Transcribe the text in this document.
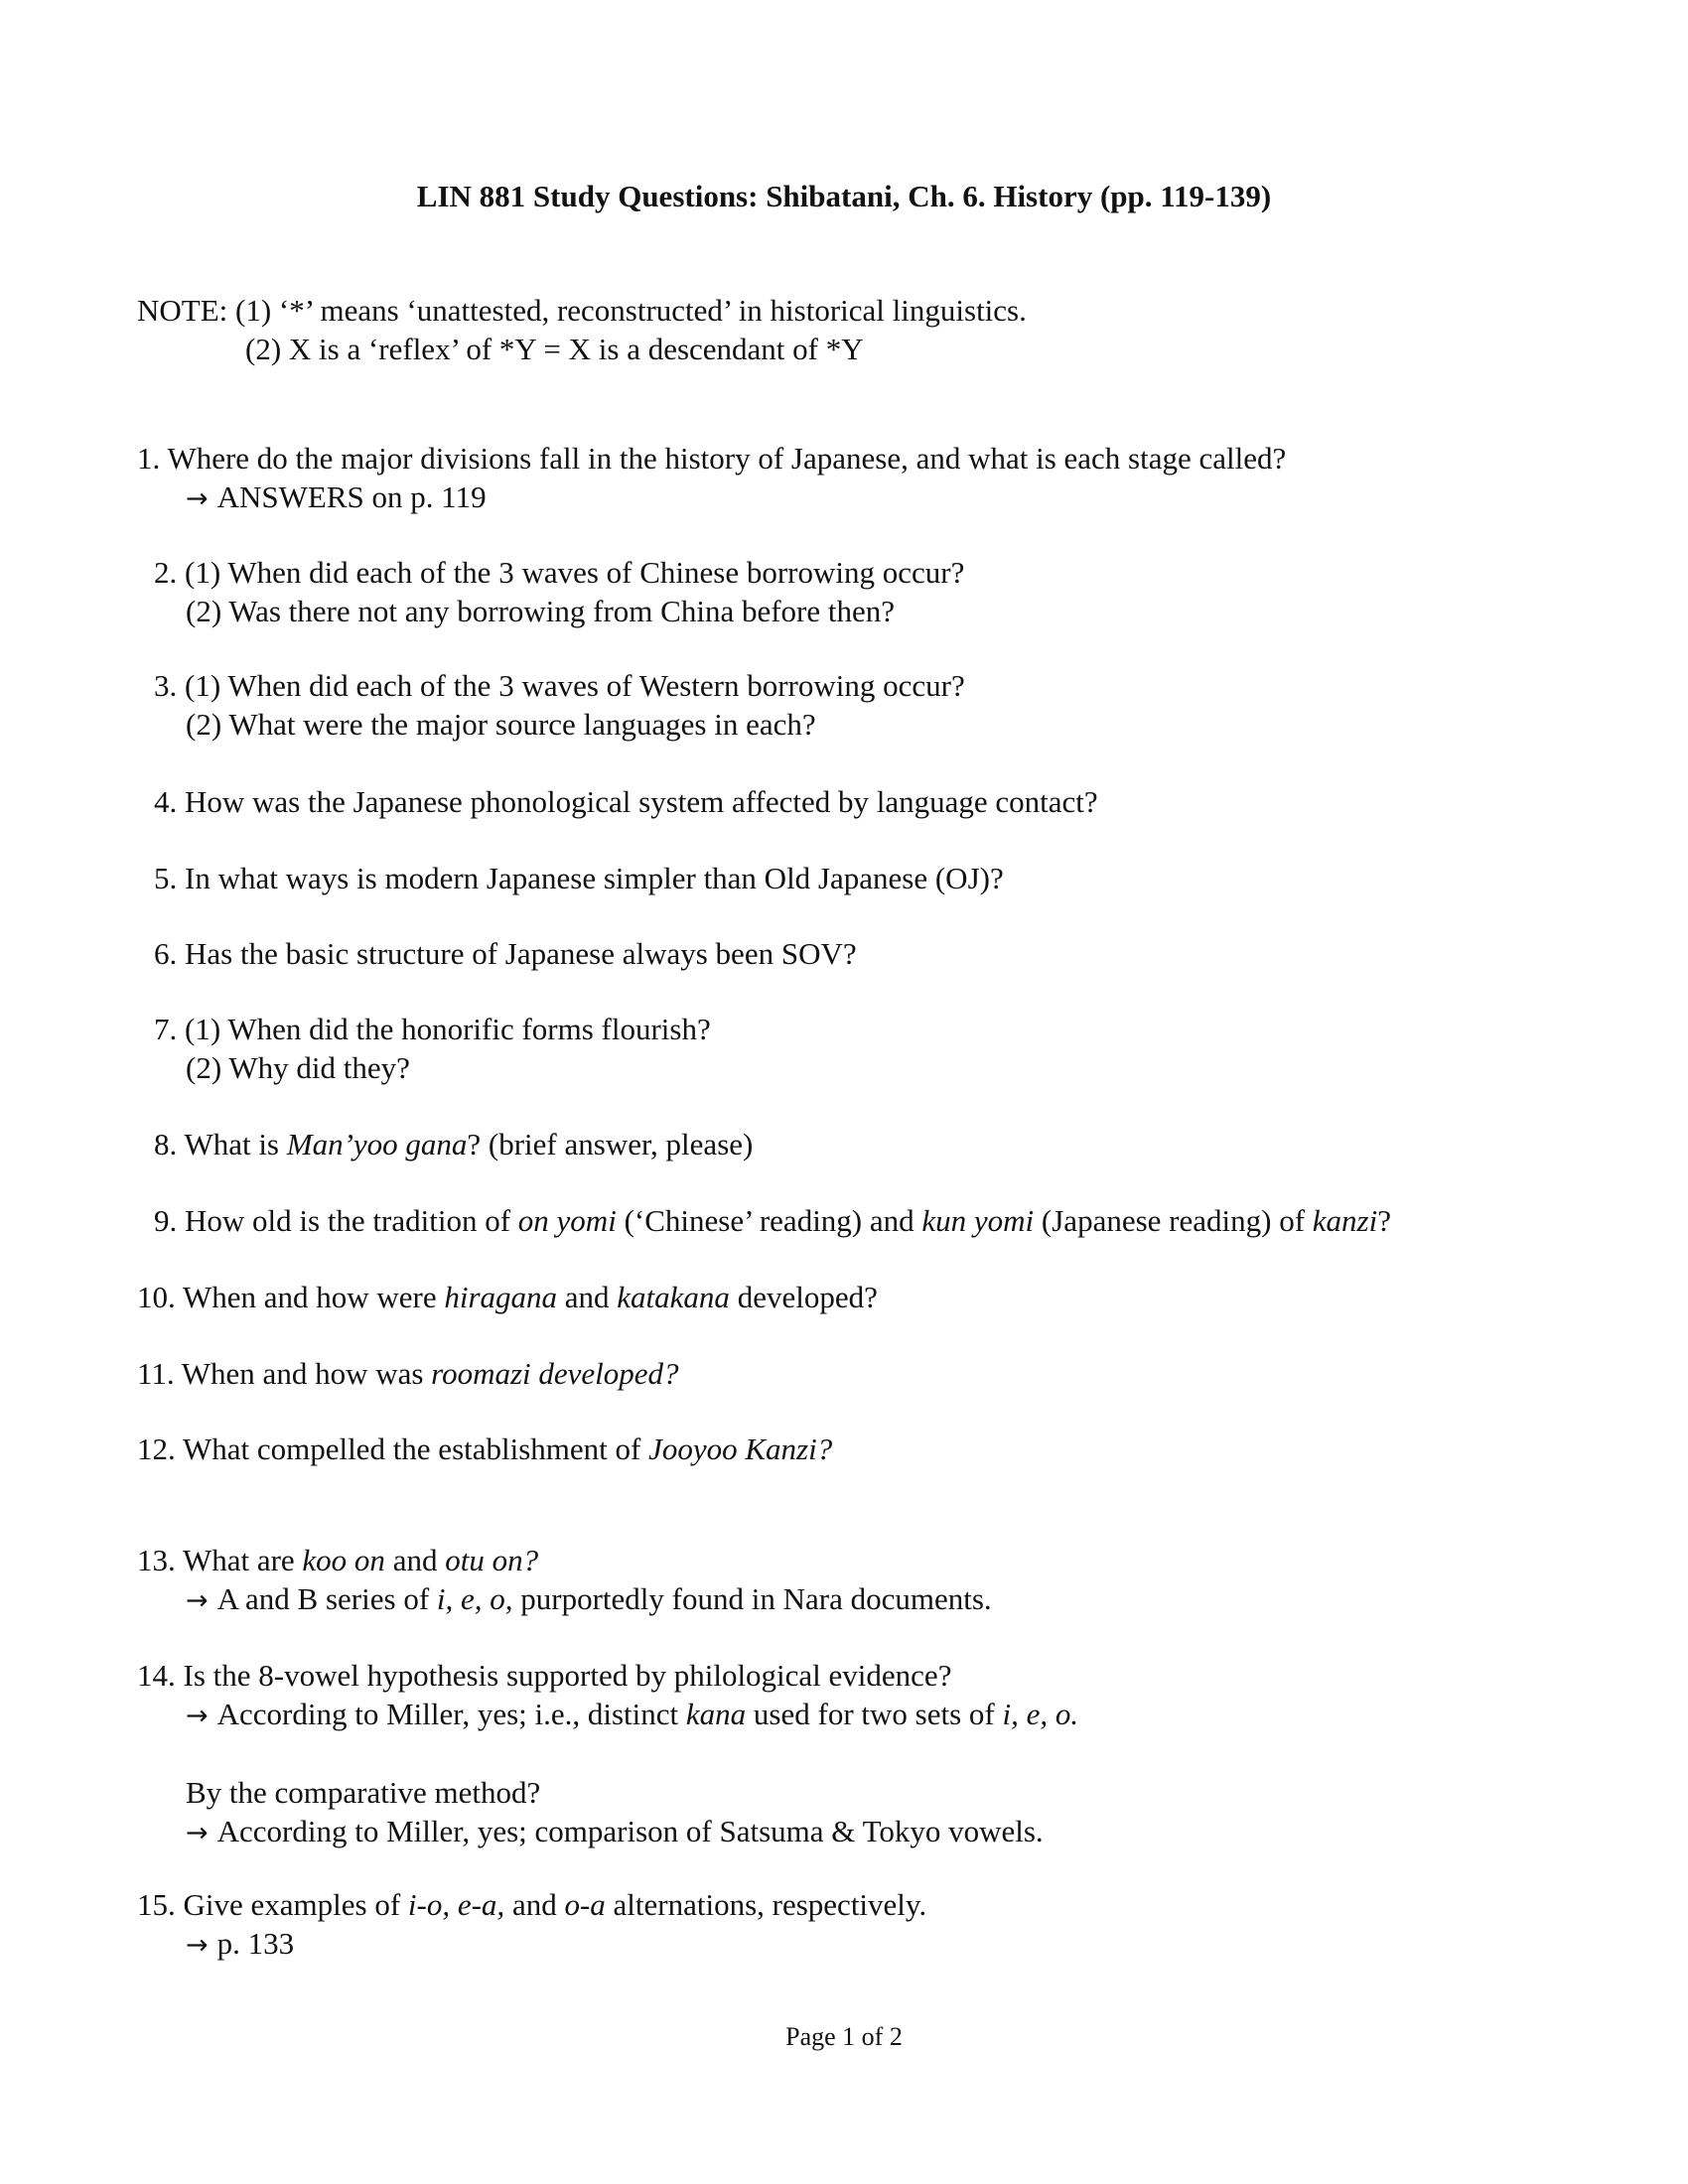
LIN 881 Study Questions: Shibatani, Ch. 6. History (pp. 119-139)
NOTE: (1) ‘*’ means ‘unattested, reconstructed’ in historical linguistics.
(2) X is a ‘reflex’ of *Y = X is a descendant of *Y
1. Where do the major divisions fall in the history of Japanese, and what is each stage called?
→ ANSWERS on p. 119
2. (1) When did each of the 3 waves of Chinese borrowing occur?
(2) Was there not any borrowing from China before then?
3. (1) When did each of the 3 waves of Western borrowing occur?
(2) What were the major source languages in each?
4. How was the Japanese phonological system affected by language contact?
5. In what ways is modern Japanese simpler than Old Japanese (OJ)?
6. Has the basic structure of Japanese always been SOV?
7. (1) When did the honorific forms flourish?
(2) Why did they?
8. What is Man’yoo gana? (brief answer, please)
9. How old is the tradition of on yomi (‘Chinese’ reading) and kun yomi (Japanese reading) of kanzi?
10. When and how were hiragana and katakana developed?
11. When and how was roomazi developed?
12. What compelled the establishment of Jooyoo Kanzi?
13. What are koo on and otu on?
→ A and B series of i, e, o, purportedly found in Nara documents.
14. Is the 8-vowel hypothesis supported by philological evidence?
→ According to Miller, yes; i.e., distinct kana used for two sets of i, e, o.
By the comparative method?
→ According to Miller, yes; comparison of Satsuma & Tokyo vowels.
15. Give examples of i-o, e-a, and o-a alternations, respectively.
→ p. 133
Page 1 of 2
